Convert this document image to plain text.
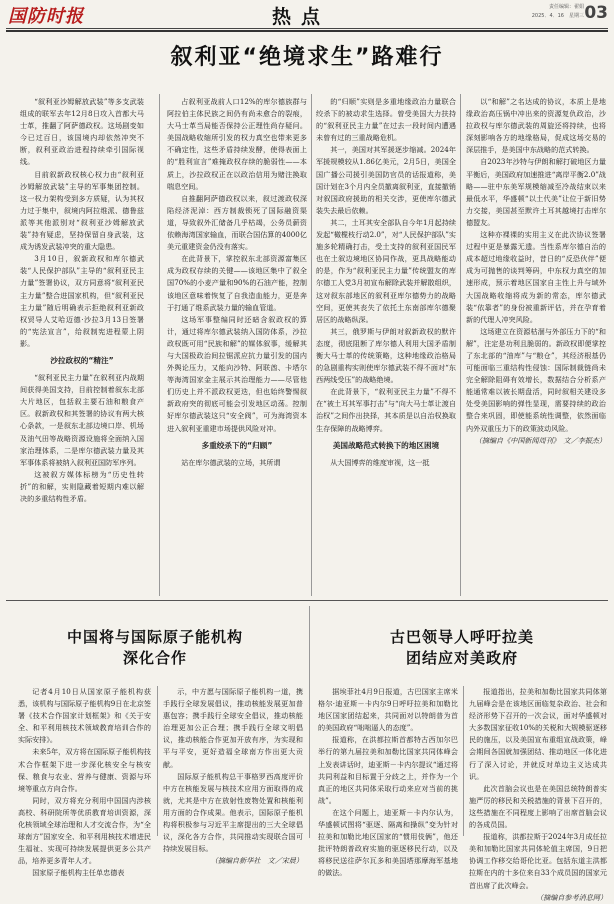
国防时报	热点	责任编辑：翟娟
2025．4．16　星期三 03
叙利亚“绝境求生”路难行

“叙利亚沙姆解放武装”等多支武装组成的联军去年12月8日攻入首都大马士革，推翻了阿萨德政权。这场剧变如今已过百日，该国境内却依然冲突不断，叙利亚政治进程持续牵引国际视线。

目前叙新政权核心权力由“叙利亚沙姆解放武装”主导的军事集团控制。这一权力架构受到多方质疑，认为其权力过于集中，叙境内阿拉维派、德鲁兹派等其他派别对“叙利亚沙姆解放武装”持有疑虑，坚持保留自身武装，这成为诱发武装冲突的重大隐患。

3月10日，叙新政权和库尔德武装“人民保护部队”主导的“叙利亚民主力量”签署协议，双方同意将“叙利亚民主力量”整合进国家机构，但“叙利亚民主力量”随后明确表示拒绝叙利亚新政权贸导人艾哈迈德·沙拉3月13日签署的“宪法宣言”，给叙制宪进程蒙上阴影。

沙拉政权的“精注”

“叙利亚民主力量”在叙利亚内战期间获得美国支持，目前控制着叙东北部大片地区，包括叙主要石油和粮食产区。叙新政权和其签署的协议有两大核心条款，一是叙东北部边境口岸、机场及油气田等战略资源设施将全面纳入国家治理体系，二是库尔德武装力量及其军事体系将被纳入叙利亚国防军序列。

这被叙方媒体标榜为“历史性转折”的和解，实则隐藏着短期内难以解决的多重结构性矛盾。

占叙利亚战前人口12%的库尔德族群与阿拉伯主体民族之间仍有尚未愈合的裂痕，大马士革当局能否保持公正理性尚存疑问。美国战略收缩所引发的权力真空也带来更多不确定性，这些矛盾持续发酵，使得表面上的“胜利宣言”难掩政权存续的脆弱性——本质上，沙拉政权正在以政治信用为赌注换取喘息空间。

自推翻阿萨德政权以来，叙过渡政权深陷经济泥淖：西方制裁锁死了国际融资渠道，导致叙外汇储备几乎枯竭，公务员薪资依赖海湾国家输血，而联合国估算的4000亿美元重建资金仍没有落实。

在此背景下，掌控叙东北部资源富集区成为政权存续的关键——该地区集中了叙全国70%的小麦产量和90%的石油产能，控制该地区意味着恢复了自我造血能力，更是奔于打通了维系武装力量的输血管道。

这场军事整编同时还暗含叙政权的算计，通过将库尔德武装纳入国防体系，沙拉政权既可用“民族和解”的媒体叙事，缓解其与大国极政治间拉锯派应抗力量引发的国内外舆论压力，又能向沙特、阿联酋、卡塔尔等海湾国家金主展示其治理能力——尽管他们历史上并不派政权更迭，但也始终警惕叙新政府突的彻底可能会引发地区动荡。控制好库尔德武装这只“安全阀”，可为海湾资本进入叙利亚重建市场提供风险对冲。

多重绞杀下的“归顾”

站在库尔德武装的立场，其所谓

的“归顺”实则是多重地缘政治力量联合绞杀下的被动求生选择。曾受美国大力扶持的“叙利亚民主力量”在过去一段时间内遭遇未曾有过的三重战略危机。

其一，美国对其军援逐步缩减。2024年军援规模较从1.86亿美元，2月5日，美国全国广播公司援引美国防官员的话报道称，美国计划在3个月内全员撤离叙利亚，直接撤销对叙国政府援助的相关交涉，更使库尔德武装失去最后依赖。

其二，土耳其安全部队自今年1月起持续发起“橄榄枝行动2.0”，对“人民保护部队”实施多轮精确打击，受土支持的叙利亚国民军也在土叙边境地区协同作战，更具战略能动的是，作为“叙利亚民主力量”传统盟友的库尔德工人党3月初宣布解除武装并解散组织，这对叙东部地区的叙利亚库尔德势力的战略空间，更使其丧失了依托土东南部库尔德聚居区的战略纵深。

其三，俄罗斯与伊朗对叙新政权的默许态度，彻底阻断了库尔德人利用大国矛盾制衡大马士革的传统策略，这种地缘政治格局的急剧重构实则使库尔德武装不得不面对“东西两线受压”的战略绝境。

在此背景下，“叙利亚民主力量”不得不在“被土耳其军事打击”与“向大马士革让渡自治权”之间作出抉择，其本质是以自治权换取生存保障的战略博弈。

美国战略范式转换下的地区困境

从大国博弈的维度审视，这一抵

以“和解”之名达成的协议，本质上是地缘政治高压锅中冲出来的资源复仇政治，沙拉政权与库尔德武装的周旋还将持续，也将深刻影响各方的地缘格局，促成这场交易的深层推手，是美国中东战略的范式转换。

自2023年沙特与伊朗和解打破地区力量平衡后，美国政府加速推进“离岸平衡2.0”战略——驻中东美军规模缩减至冷战结束以来最低水平，华盛顿“以土代美”让位于新旧势力交接，美国甚至默许土耳其越境打击库尔德盟友。

这种亦裸裸的实用主义在此次协议签署过程中更是暴露无遗。当性系库尔德自治的成本超过地缘收益时，昔日的“反恐伙伴”便成为可抛售的谈判筹码，中东权力真空的加速形成，预示着地区国家自主性上升与域外大国战略收缩将成为新的常态，库尔德武装“依靠者”的身份被重新评估，并在孕育着新的代理人冲突风险。

这场建立在资源枯涸与外部压力下的“和解”，注定是功利且脆弱的。新政权即便掌控了东北部的“油库”与“粮仓”，其经济根基仍可能面临三重结构性侵蚀：国际制裁链尚未完全解除阻碍有效增长，数据结合分析系产能通常难以被长期盘活，同时叙相关建设多处受美国影响的弹性显现，需要持续的政治整合来巩固，即使能系统性调整，依然面临内外双重压力下的政策波动风险。

（摘编自《中国新闻周刊》　文／李振杰）

中国将与国际原子能机构
深化合作

记者4月10日从国家原子能机构获悉，该机构与国际原子能机构9日在北京签署《技术合作国家计划框架》和《关于安全、和平利用核技术领域教育培训合作的实际安排》。

未来5年，双方将在国际原子能机构技术合作框架下进一步深化核安全与核安保、粮食与农业、营养与健康、资源与环境等重点方向合作。

同时，双方将充分利用中国国内涉核高校、科研院所等优质教育培训资源，深化核领域全球治理和人才交流合作，为“全球南方”国家安全、和平利用核技术增进民生福祉、实现可持续发展提供更多公共产品，培养更多青年人才。

国家原子能机构主任单忠德表

示，中方愿与国际原子能机构一道，携手践行全球发展倡议，推动核能发展更加普惠包容；携手践行全球安全倡议，推动核能治理更加公正合理；携手践行全球文明倡议，推动核能合作更加开放有序，为实现和平与平安，更好造福全球南方作出更大贡献。

国际原子能机构总干事格罗西高度评价中方在核能发展与核技术应用方面取得的成就，尤其是中方在放射性废物处置和核能利用方面的合作成果。他表示，国际原子能机构将积极参与习近平主席提出的三大全球倡议，深化各方合作，共同推动实现联合国可持续发展目标。

（摘编自新华社　文／宋晨）

古巴领导人呼吁拉美
团结应对美政府

据埃菲社4月9日报道，古巴国家主席米格尔·迪亚斯－卡内尔9日呼吁拉美和加勒比地区国家团结起来，共同面对以特朗普为首的美国政府“咄咄逼人的态度”。

报道称，在洪都拉斯首都特古西加尔巴举行的第九届拉美和加勒比国家共同体峰会上发表讲话时，迪亚斯－卡内尔提议“通过将共同利益和目标置于分歧之上，并作为一个真正的地区共同体采取行动来应对当前的挑战”。

在这个问题上，迪亚斯－卡内尔认为，华盛顿试图将“驱逐、隔离和操纵”变为针对拉美和加勒比地区国家的“惯用伎俩”，他还批评特朗普政府实施的驱逐移民行动，以及将移民送往萨尔瓦多和美国塔那摩海军基地的做法。

报道指出，拉美和加勒比国家共同体第九届峰会是在该地区面临复杂政治、社会和经济形势下召开的一次会议，面对华盛顿对大多数国家征收10%的关税和大规模驱逐移民的施压，以及美国宣布重组宣战政策，峰会期间各国就加强团结、推动地区一体化进行了深入讨论，并就反对单边主义达成共识。

此次首脑会议也是在美国总统特朗普实施严厉的移民和关税措施的背景下召开的，这些措施在不同程度上影响了出席首脑会议的各成员国。

报道称，洪都拉斯于2024年3月成任拉美和加勒比国家共同体轮值主席国，9日把协调工作移交给哥伦比亚。包括东道主洪都拉斯在内的十多位来自33个成员国的国家元首出席了此次峰会。

（摘编自参考消息网）
